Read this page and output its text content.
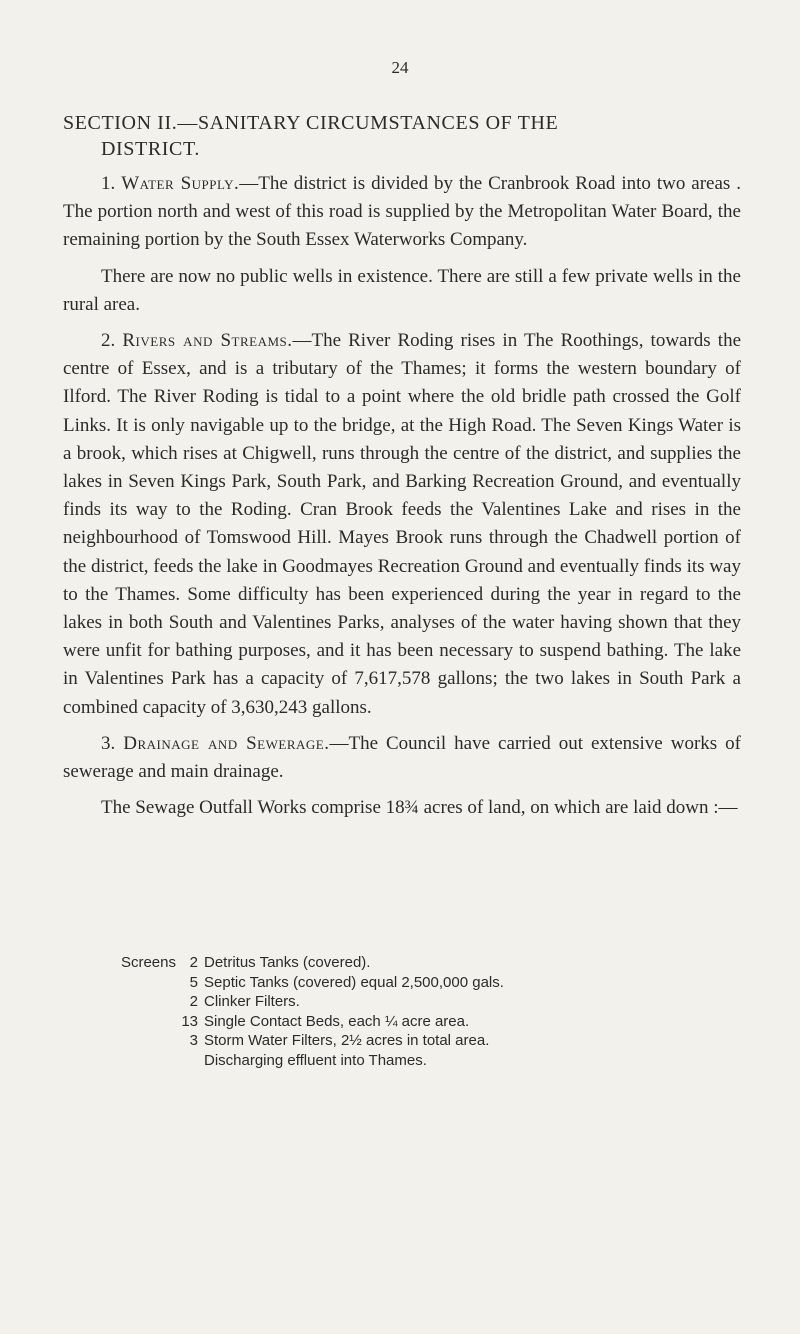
24
SECTION II.—SANITARY CIRCUMSTANCES OF THE
DISTRICT.

1. Water Supply.—The district is divided by the Cranbrook Road into two areas . The portion north and west of this road is supplied by the Metropolitan Water Board, the remaining portion by the South Essex Waterworks Company.

There are now no public wells in existence. There are still a few private wells in the rural area.

2. Rivers and Streams.—The River Roding rises in The Roothings, towards the centre of Essex, and is a tributary of the Thames; it forms the western boundary of Ilford. The River Roding is tidal to a point where the old bridle path crossed the Golf Links. It is only navigable up to the bridge, at the High Road. The Seven Kings Water is a brook, which rises at Chigwell, runs through the centre of the district, and supplies the lakes in Seven Kings Park, South Park, and Barking Recreation Ground, and eventually finds its way to the Roding. Cran Brook feeds the Valentines Lake and rises in the neighbourhood of Tomswood Hill. Mayes Brook runs through the Chadwell portion of the district, feeds the lake in Goodmayes Recreation Ground and eventually finds its way to the Thames. Some difficulty has been experienced during the year in regard to the lakes in both South and Valentines Parks, analyses of the water having shown that they were unfit for bathing purposes, and it has been necessary to suspend bathing. The lake in Valentines Park has a capacity of 7,617,578 gallons; the two lakes in South Park a combined capacity of 3,630,243 gallons.

3. Drainage and Sewerage.—The Council have carried out extensive works of sewerage and main drainage.

The Sewage Outfall Works comprise 18¾ acres of land, on which are laid down :—

Screens 2 Detritus Tanks (covered).
5 Septic Tanks (covered) equal 2,500,000 gals.
2 Clinker Filters.
13 Single Contact Beds, each ¼ acre area.
3 Storm Water Filters, 2½ acres in total area.
Discharging effluent into Thames.
